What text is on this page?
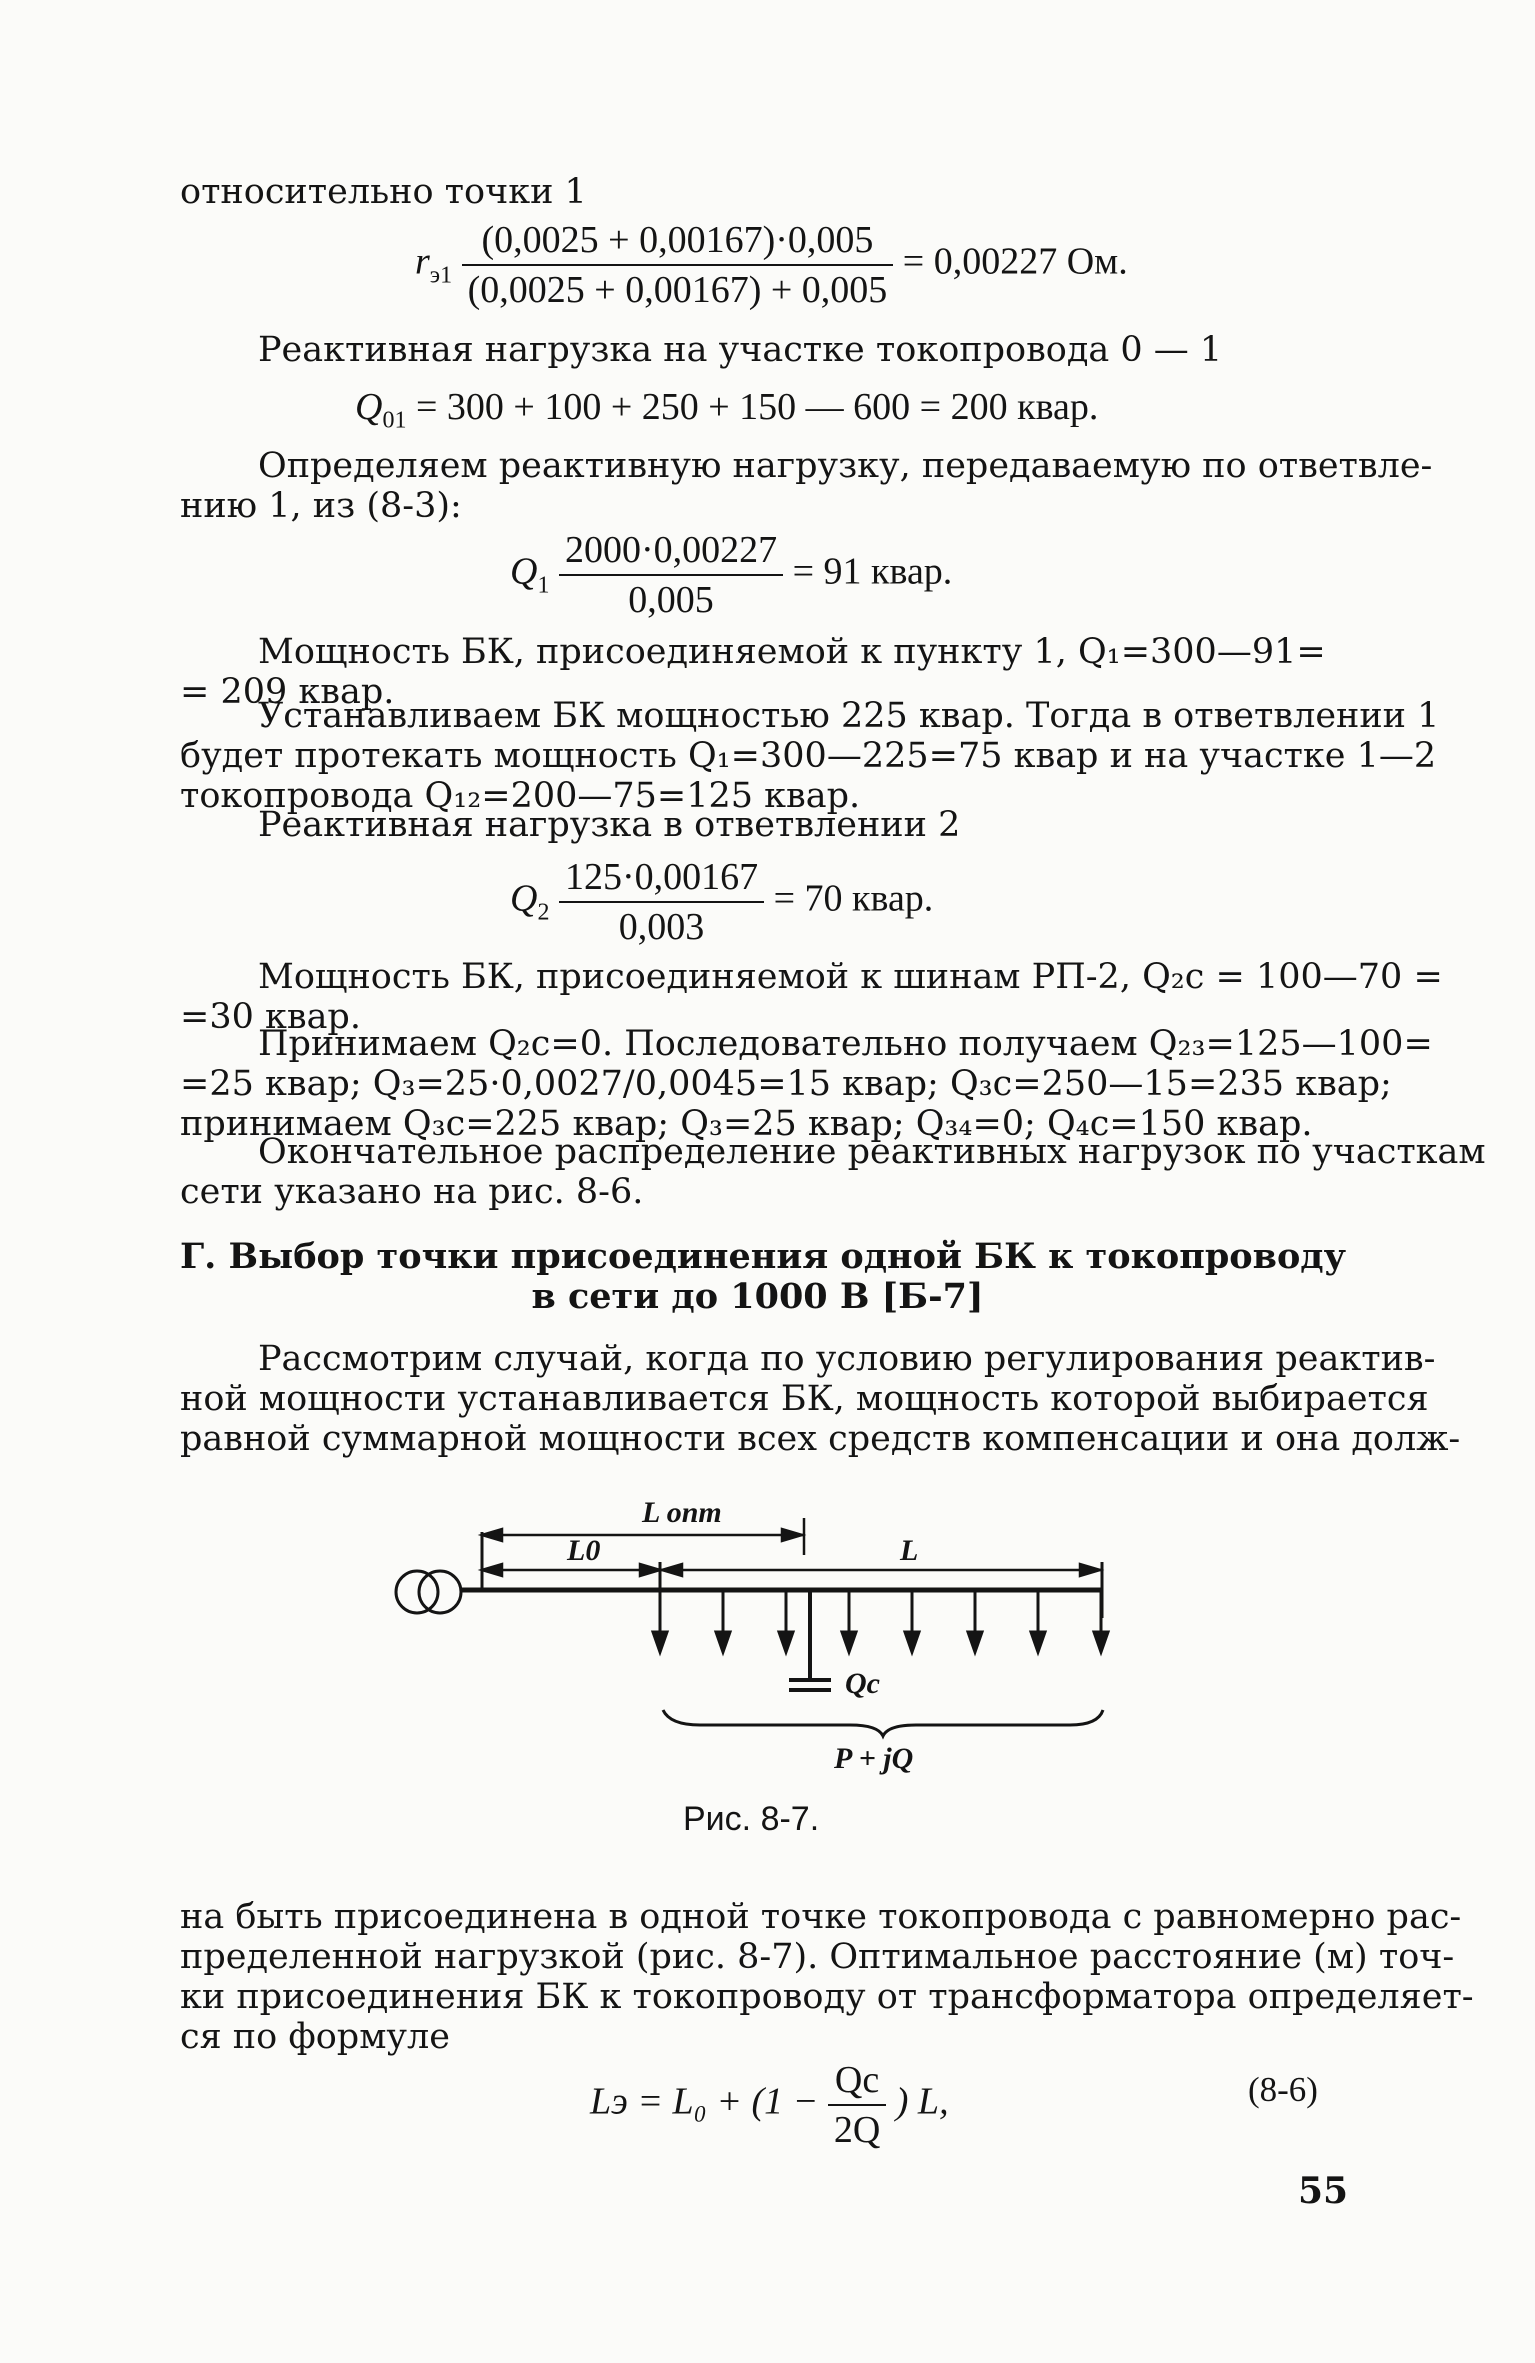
относительно точки 1
$r_{э1} \frac{(0,0025 + 0,00167)\cdot 0,005}{(0,0025 + 0,00167) + 0,005} = 0,00227$ Ом.
Реактивная нагрузка на участке токопровода 0 — 1
$Q_{01} = 300 + 100 + 250 + 150$ — 600 = 200 квар.
Определяем реактивную нагрузку, передаваемую по ответвле-
нию 1, из (8-3):
$Q_1 \frac{2000\cdot 0,00227}{0,005} = 91$ квар.
Мощность БК, присоединяемой к пункту 1, Q₁=300—91=
= 209 квар.
Устанавливаем БК мощностью 225 квар. Тогда в ответвлении 1
будет протекать мощность Q₁=300—225=75 квар и на участке 1—2
токопровода Q₁₂=200—75=125 квар.
Реактивная нагрузка в ответвлении 2
$Q_2 \frac{125\cdot 0,00167}{0,003} = 70$ квар.
Мощность БК, присоединяемой к шинам РП-2, Q₂c = 100—70 =
=30 квар.
Принимаем Q₂c=0. Последовательно получаем Q₂₃=125—100=
=25 квар; Q₃=25·0,0027/0,0045=15 квар; Q₃c=250—15=235 квар;
принимаем Q₃c=225 квар; Q₃=25 квар; Q₃₄=0; Q₄c=150 квар.
Окончательное распределение реактивных нагрузок по участкам
сети указано на рис. 8-6.
Г. Выбор точки присоединения одной БК к токопроводу
в сети до 1000 В [Б-7]
Рассмотрим случай, когда по условию регулирования реактив-
ной мощности устанавливается БК, мощность которой выбирается
равной суммарной мощности всех средств компенсации и она долж-
L опт
L0	L
Qc
P + jQ
Рис. 8-7.
на быть присоединена в одной точке токопровода с равномерно рас-
пределенной нагрузкой (рис. 8-7). Оптимальное расстояние (м) точ-
ки присоединения БК к токопроводу от трансформатора определяет-
ся по формуле
Lэ = $L_0 + (1 - \frac{Qc}{2Q}$ ) L,	(8-6)
55
